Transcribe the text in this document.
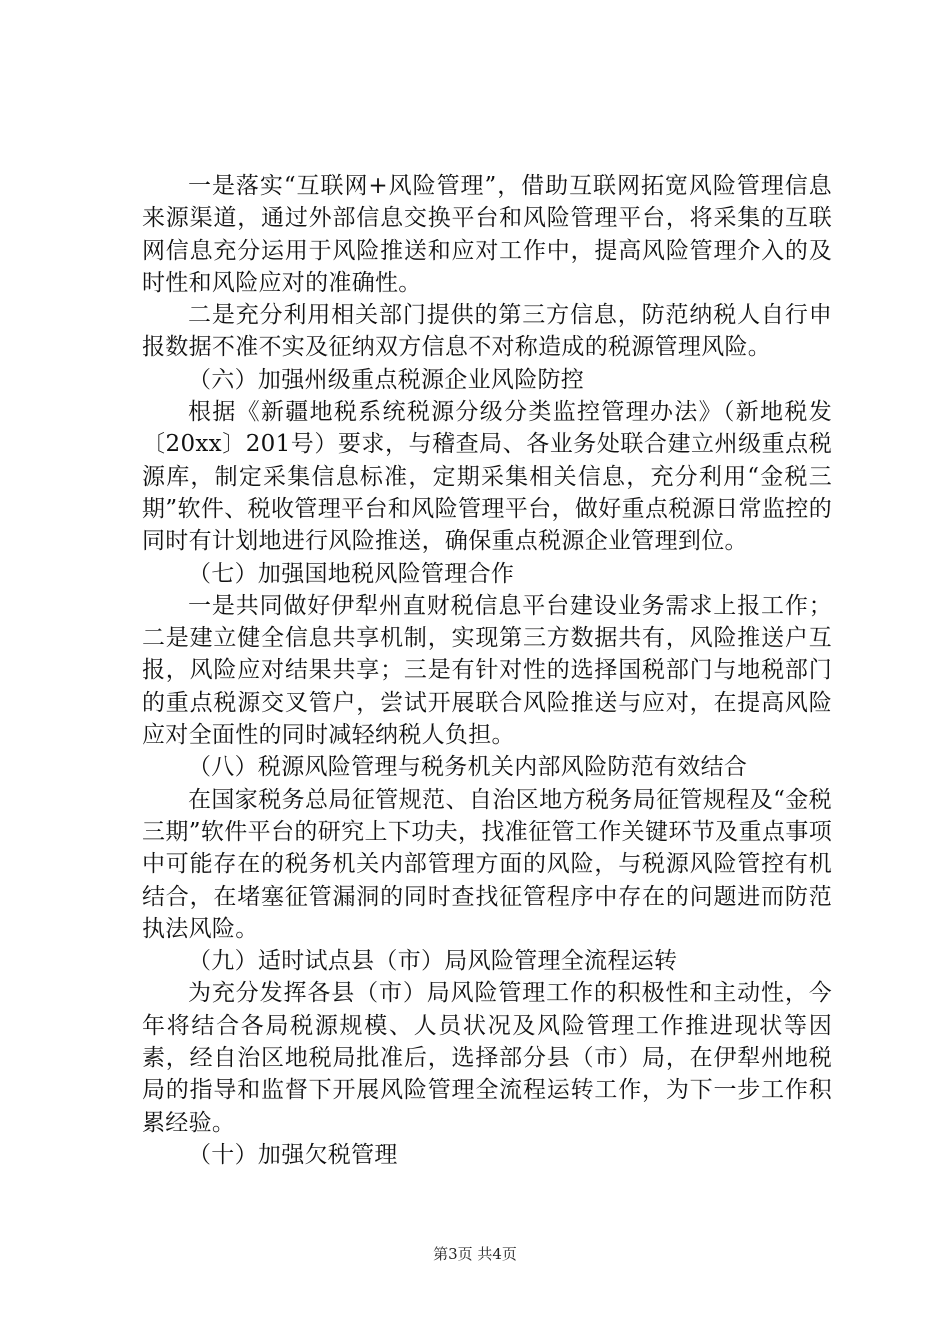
一是落实“互联网+风险管理”，借助互联网拓宽风险管理信息来源渠道，通过外部信息交换平台和风险管理平台，将采集的互联网信息充分运用于风险推送和应对工作中，提高风险管理介入的及时性和风险应对的准确性。

二是充分利用相关部门提供的第三方信息，防范纳税人自行申报数据不准不实及征纳双方信息不对称造成的税源管理风险。

（六）加强州级重点税源企业风险防控

根据《新疆地税系统税源分级分类监控管理办法》（新地税发〔20xx〕201号）要求，与稽查局、各业务处联合建立州级重点税源库，制定采集信息标准，定期采集相关信息，充分利用“金税三期”软件、税收管理平台和风险管理平台，做好重点税源日常监控的同时有计划地进行风险推送，确保重点税源企业管理到位。

（七）加强国地税风险管理合作

一是共同做好伊犁州直财税信息平台建设业务需求上报工作；二是建立健全信息共享机制，实现第三方数据共有，风险推送户互报，风险应对结果共享；三是有针对性的选择国税部门与地税部门的重点税源交叉管户，尝试开展联合风险推送与应对，在提高风险应对全面性的同时减轻纳税人负担。

（八）税源风险管理与税务机关内部风险防范有效结合

在国家税务总局征管规范、自治区地方税务局征管规程及“金税三期”软件平台的研究上下功夫，找准征管工作关键环节及重点事项中可能存在的税务机关内部管理方面的风险，与税源风险管控有机结合，在堵塞征管漏洞的同时查找征管程序中存在的问题进而防范执法风险。

（九）适时试点县（市）局风险管理全流程运转

为充分发挥各县（市）局风险管理工作的积极性和主动性，今年将结合各局税源规模、人员状况及风险管理工作推进现状等因素，经自治区地税局批准后，选择部分县（市）局，在伊犁州地税局的指导和监督下开展风险管理全流程运转工作，为下一步工作积累经验。

（十）加强欠税管理

第3页 共4页
